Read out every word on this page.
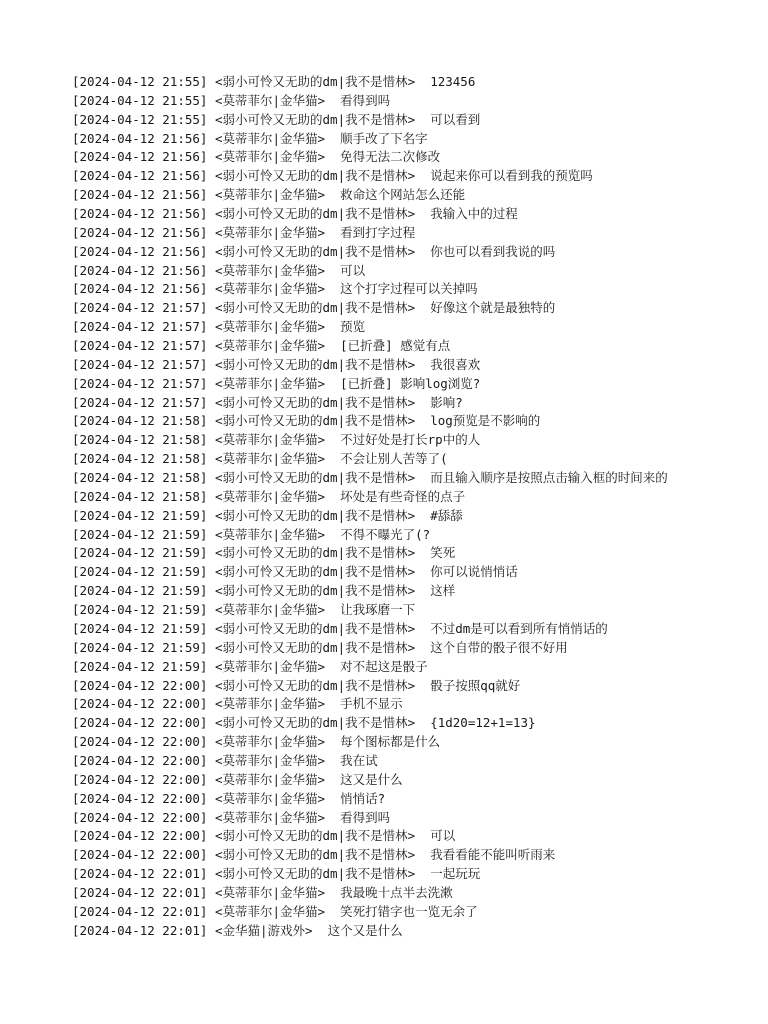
[2024-04-12 21:55] <弱小可怜又无助的dm|我不是惜林> 123456
[2024-04-12 21:55] <莫蒂菲尔|金华猫> 看得到吗
[2024-04-12 21:55] <弱小可怜又无助的dm|我不是惜林> 可以看到
[2024-04-12 21:56] <莫蒂菲尔|金华猫> 顺手改了下名字
[2024-04-12 21:56] <莫蒂菲尔|金华猫> 免得无法二次修改
[2024-04-12 21:56] <弱小可怜又无助的dm|我不是惜林> 说起来你可以看到我的预览吗
[2024-04-12 21:56] <莫蒂菲尔|金华猫> 救命这个网站怎么还能
[2024-04-12 21:56] <弱小可怜又无助的dm|我不是惜林> 我输入中的过程
[2024-04-12 21:56] <莫蒂菲尔|金华猫> 看到打字过程
[2024-04-12 21:56] <弱小可怜又无助的dm|我不是惜林> 你也可以看到我说的吗
[2024-04-12 21:56] <莫蒂菲尔|金华猫> 可以
[2024-04-12 21:56] <莫蒂菲尔|金华猫> 这个打字过程可以关掉吗
[2024-04-12 21:57] <弱小可怜又无助的dm|我不是惜林> 好像这个就是最独特的
[2024-04-12 21:57] <莫蒂菲尔|金华猫> 预览
[2024-04-12 21:57] <莫蒂菲尔|金华猫> [已折叠] 感觉有点
[2024-04-12 21:57] <弱小可怜又无助的dm|我不是惜林> 我很喜欢
[2024-04-12 21:57] <莫蒂菲尔|金华猫> [已折叠] 影响log浏览?
[2024-04-12 21:57] <弱小可怜又无助的dm|我不是惜林> 影响?
[2024-04-12 21:58] <弱小可怜又无助的dm|我不是惜林> log预览是不影响的
[2024-04-12 21:58] <莫蒂菲尔|金华猫> 不过好处是打长rp中的人
[2024-04-12 21:58] <莫蒂菲尔|金华猫> 不会让别人苦等了(
[2024-04-12 21:58] <弱小可怜又无助的dm|我不是惜林> 而且输入顺序是按照点击输入框的时间来的
[2024-04-12 21:58] <莫蒂菲尔|金华猫> 坏处是有些奇怪的点子
[2024-04-12 21:59] <弱小可怜又无助的dm|我不是惜林> #舔舔
[2024-04-12 21:59] <莫蒂菲尔|金华猫> 不得不曝光了(?
[2024-04-12 21:59] <弱小可怜又无助的dm|我不是惜林> 笑死
[2024-04-12 21:59] <弱小可怜又无助的dm|我不是惜林> 你可以说悄悄话
[2024-04-12 21:59] <弱小可怜又无助的dm|我不是惜林> 这样
[2024-04-12 21:59] <莫蒂菲尔|金华猫> 让我琢磨一下
[2024-04-12 21:59] <弱小可怜又无助的dm|我不是惜林> 不过dm是可以看到所有悄悄话的
[2024-04-12 21:59] <弱小可怜又无助的dm|我不是惜林> 这个自带的骰子很不好用
[2024-04-12 21:59] <莫蒂菲尔|金华猫> 对不起这是骰子
[2024-04-12 22:00] <弱小可怜又无助的dm|我不是惜林> 骰子按照qq就好
[2024-04-12 22:00] <莫蒂菲尔|金华猫> 手机不显示
[2024-04-12 22:00] <弱小可怜又无助的dm|我不是惜林> {1d20=12+1=13}
[2024-04-12 22:00] <莫蒂菲尔|金华猫> 每个图标都是什么
[2024-04-12 22:00] <莫蒂菲尔|金华猫> 我在试
[2024-04-12 22:00] <莫蒂菲尔|金华猫> 这又是什么
[2024-04-12 22:00] <莫蒂菲尔|金华猫> 悄悄话?
[2024-04-12 22:00] <莫蒂菲尔|金华猫> 看得到吗
[2024-04-12 22:00] <弱小可怜又无助的dm|我不是惜林> 可以
[2024-04-12 22:00] <弱小可怜又无助的dm|我不是惜林> 我看看能不能叫听雨来
[2024-04-12 22:01] <弱小可怜又无助的dm|我不是惜林> 一起玩玩
[2024-04-12 22:01] <莫蒂菲尔|金华猫> 我最晚十点半去洗漱
[2024-04-12 22:01] <莫蒂菲尔|金华猫> 笑死打错字也一览无余了
[2024-04-12 22:01] <金华猫|游戏外> 这个又是什么
